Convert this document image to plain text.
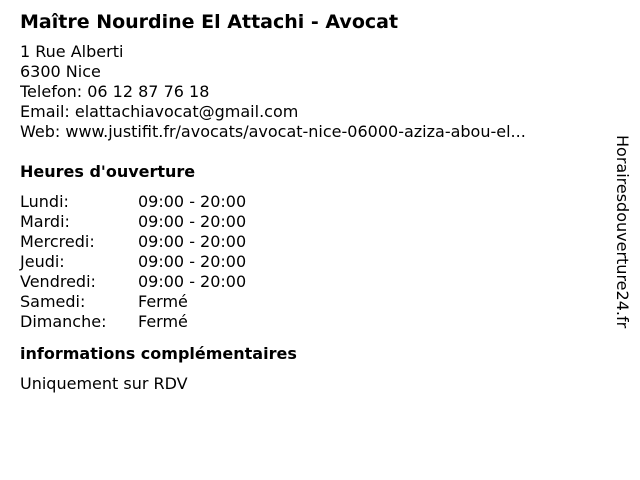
Maître Nourdine El Attachi - Avocat
1 Rue Alberti
6300 Nice
Telefon: 06 12 87 76 18
Email: elattachiavocat@gmail.com
Web: www.justifit.fr/avocats/avocat-nice-06000-aziza-abou-el...
Heures d'ouverture
Lundi:	09:00 - 20:00
Mardi:	09:00 - 20:00
Mercredi:	09:00 - 20:00
Jeudi:	09:00 - 20:00
Vendredi:	09:00 - 20:00
Samedi:	Fermé
Dimanche:	Fermé
informations complémentaires
Uniquement sur RDV
Horairesdouverture24.fr
